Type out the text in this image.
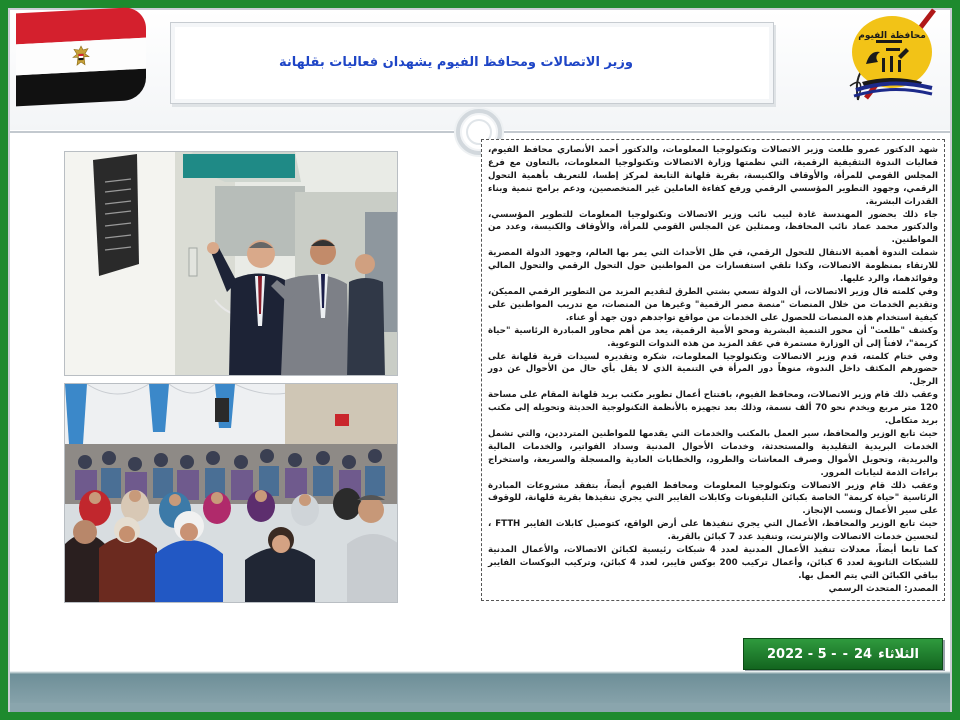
وزير الاتصالات ومحافظ الفيوم يشهدان فعاليات بقلهانة
محافظة الفيوم

شهد الدكتور عمرو طلعت وزير الاتصالات وتكنولوجيا المعلومات، والدكتور أحمد الأنصاري محافظ الفيوم، فعاليات الندوة التثقيفية الرقمية، التي نظمتها وزارة الاتصالات وتكنولوجيا المعلومات، بالتعاون مع فرع المجلس القومي للمرأة، والأوقاف والكنيسة، بقرية قلهانة التابعة لمركز إطسا، للتعريف بأهمية التحول الرقمي، وجهود التطوير المؤسسي الرقمي ورفع كفاءة العاملين غير المتخصصين، ودعم برامج تنمية وبناء القدرات البشرية.

جاء ذلك بحضور المهندسة غادة لبيب نائب وزير الاتصالات وتكنولوجيا المعلومات للتطوير المؤسسي، والدكتور محمد عماد نائب المحافظ، وممثلين عن المجلس القومي للمرأة، والأوقاف والكنيسة، وعدد من المواطنين.

شملت الندوة أهمية الانتقال للتحول الرقمي، في ظل الأحداث التي يمر بها العالم، وجهود الدولة المصرية للارتقاء بمنظومة الاتصالات، وكذا تلقي استفسارات من المواطنين حول التحول الرقمي والتحول المالي وفوائدهما، والرد عليها.

وفي كلمته قال وزير الاتصالات، أن الدولة تسعي بشتي الطرق لتقديم المزيد من التطوير الرقمي المميكن، وتقديم الخدمات من خلال المنصات "منصة مصر الرقمية" وغيرها من المنصات، مع تدريب المواطنين على كيفية استخدام هذه المنصات للحصول على الخدمات من مواقع تواجدهم دون جهد أو عناء.

وكشف "طلعت" أن محور التنمية البشرية ومحو الأمية الرقمية، يعد من أهم محاور المبادرة الرئاسية "حياة كريمة"، لافتاً إلى أن الوزارة مستمرة في عقد المزيد من هذه الندوات التوعوية.

وفي ختام كلمته، قدم وزير الاتصالات وتكنولوجيا المعلومات، شكره وتقديره لسيدات قرية قلهانة على حضورهم المكثف داخل الندوة، منوهاً دور المرأة في التنمية الذي لا يقل بأي حال من الأحوال عن دور الرجل.

وعقب ذلك قام وزير الاتصالات، ومحافظ الفيوم، بافتتاح أعمال تطوير مكتب بريد قلهانة المقام على مساحة 120 متر مربع ويخدم نحو 70 ألف نسمة، وذلك بعد تجهيزه بالأنظمة التكنولوجية الحديثة وتحويله إلى مكتب بريد متكامل.

حيث تابع الوزير والمحافظ، سير العمل بالمكتب والخدمات التي يقدمها للمواطنين المترددين، والتي تشمل الخدمات البريدية التقليدية والمستحدثة، وخدمات الأحوال المدنية وسداد الفواتير، والخدمات المالية والبريدية، وتحويل الأموال وصرف المعاشات والطرود، والخطابات العادية والمسجلة والسريعة، واستخراج براءات الذمة لنيابات المرور.

وعقب ذلك قام وزير الاتصالات وتكنولوجيا المعلومات ومحافظ الفيوم أيضاً، بتفقد مشروعات المبادرة الرئاسية "حياة كريمة" الخاصة بكبائن التليفونات وكابلات الفايبر التي يجري تنفيذها بقرية قلهانة، للوقوف على سير الأعمال ونسب الإنجاز.

حيث تابع الوزير والمحافظ، الأعمال التي يجري تنفيذها على أرض الواقع، كتوصيل كابلات الفايبر FTTH ، لتحسين خدمات الاتصالات والإنترنت، وتنفيذ عدد 7 كبائن بالقرية.

كما تابعا أيضاً، معدلات تنفيذ الأعمال المدنية لعدد 4 شبكات رئيسية لكبائن الاتصالات، والأعمال المدنية للشبكات الثانوية لعدد 6 كبائن، وأعمال تركيب 200 بوكس فايبر، لعدد 4 كبائن، وتركيب البوكسات الفايبر بباقي الكبائن التي يتم العمل بها.

المصدر: المتحدث الرسمي

الثلاثاء
24
-
2022 - 5 -
